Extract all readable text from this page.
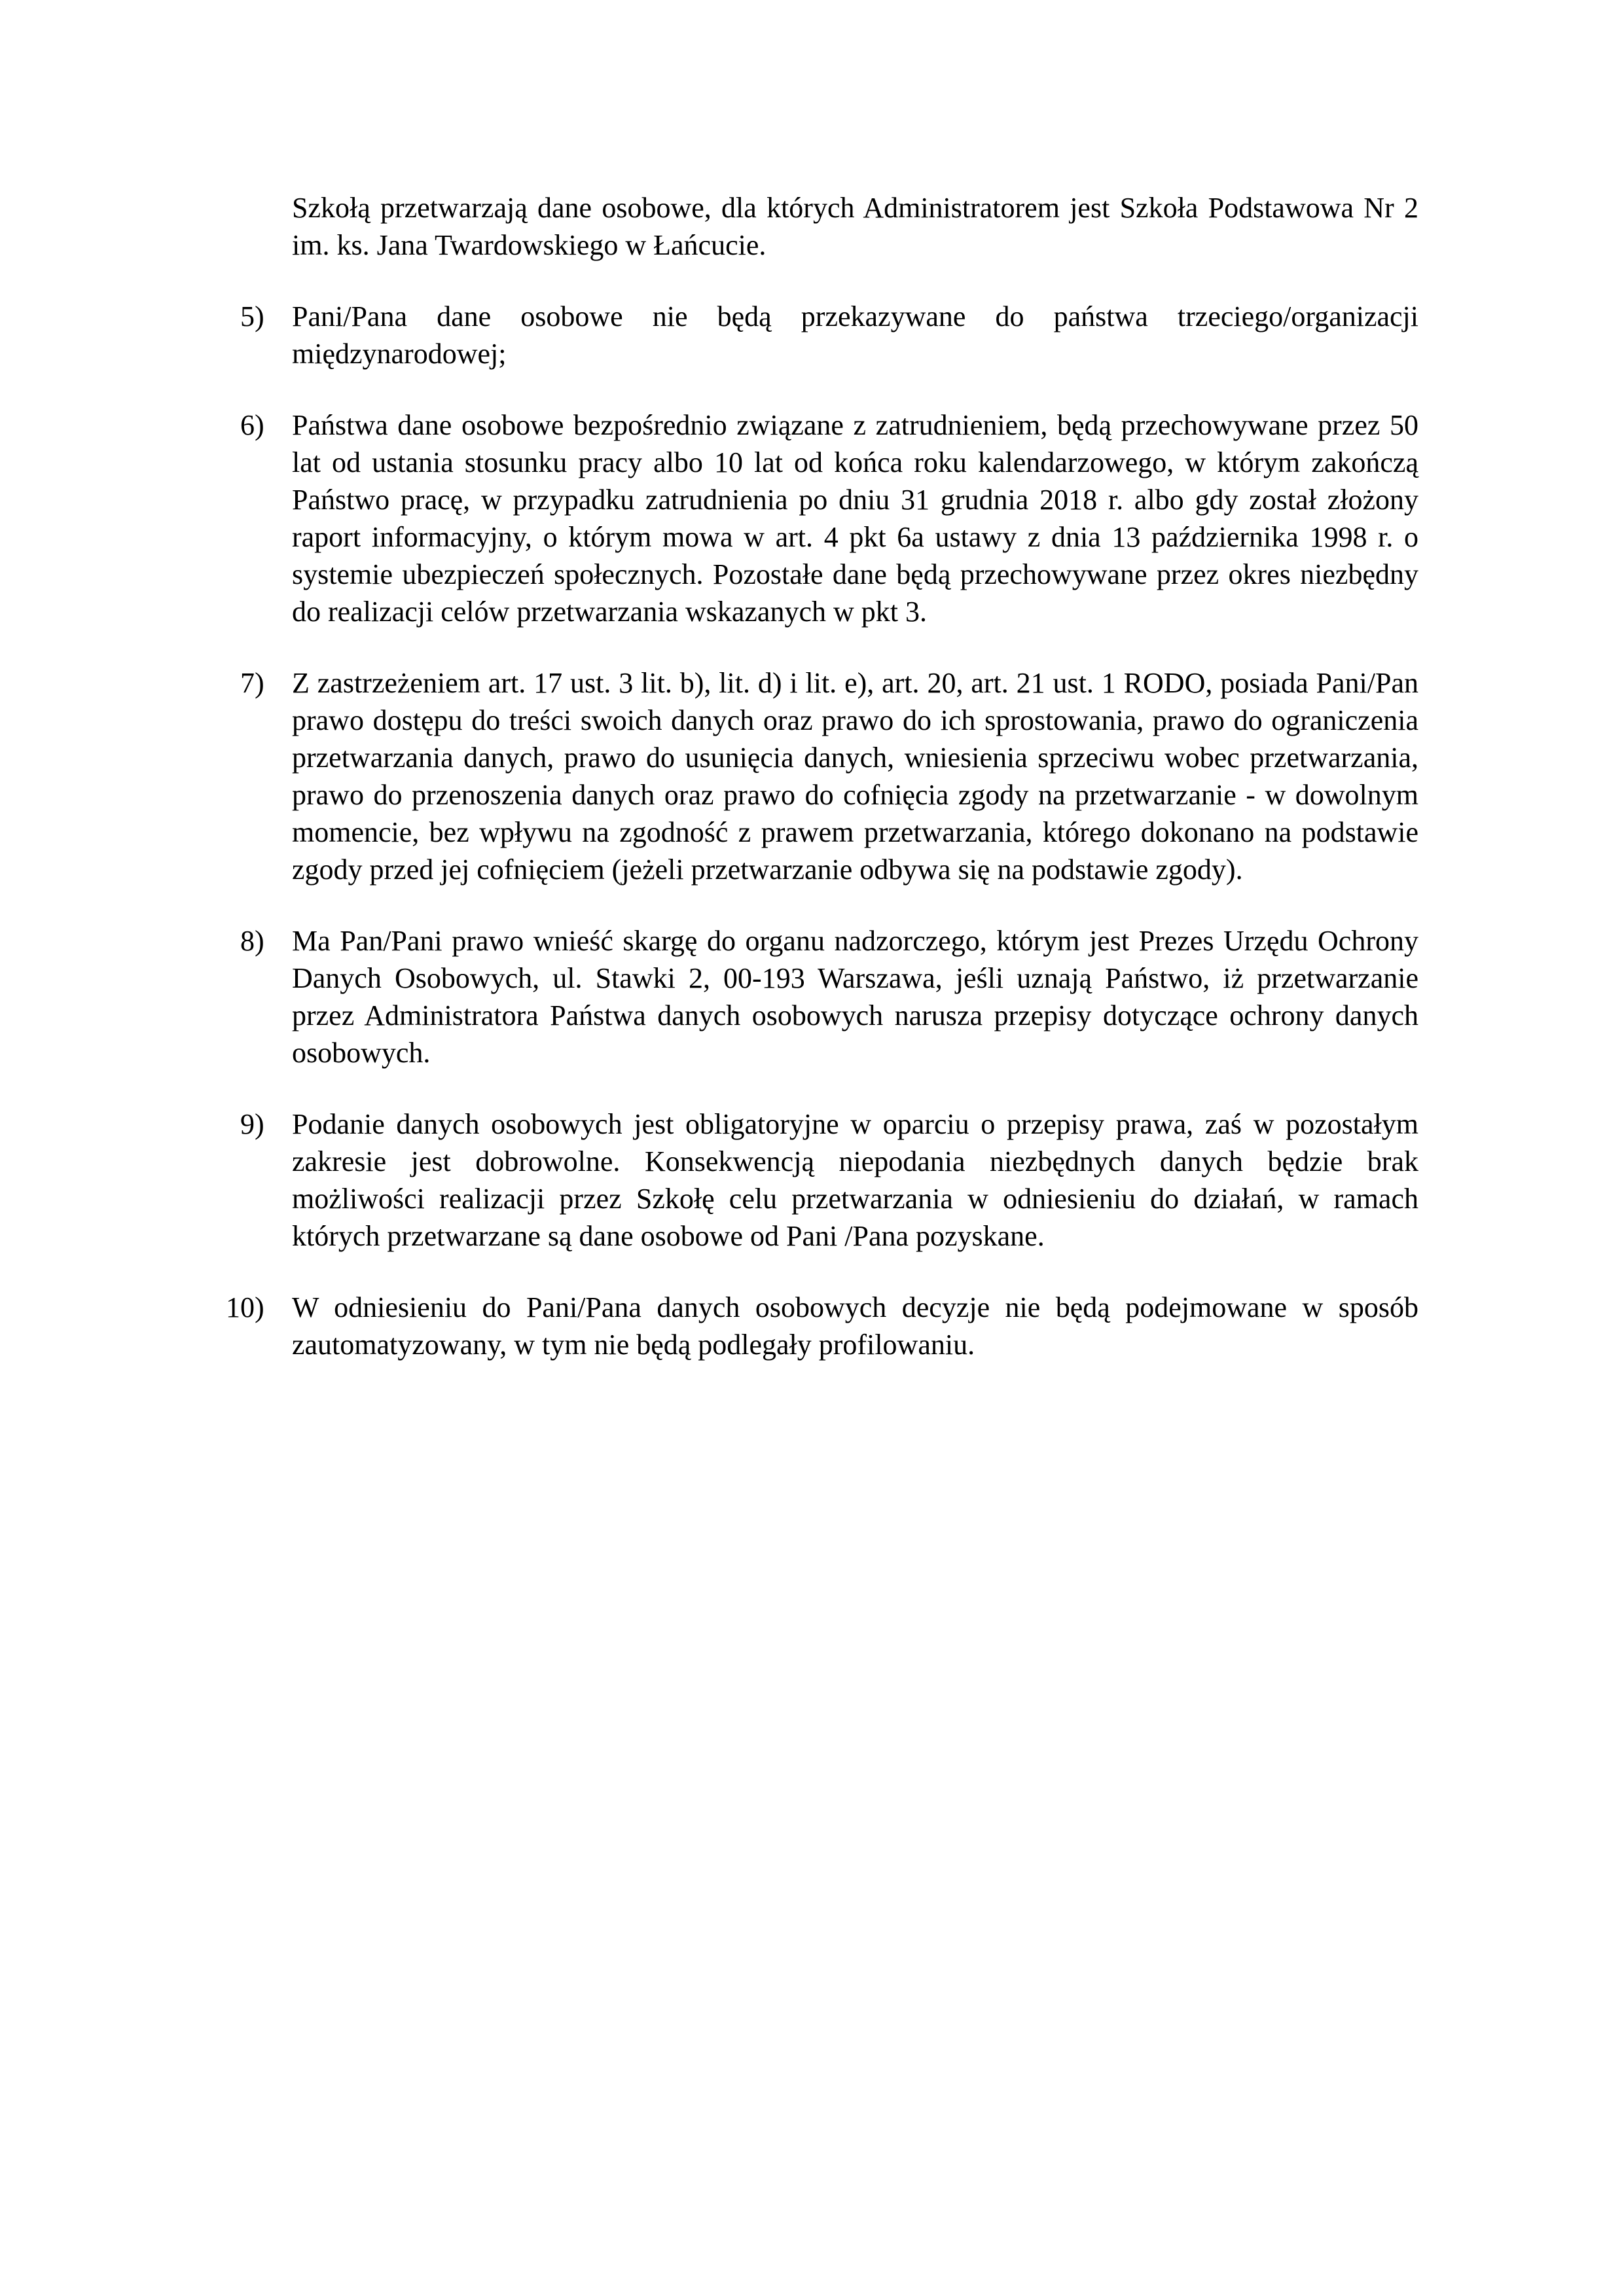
Szkołą przetwarzają dane osobowe, dla których Administratorem jest Szkoła Podstawowa Nr 2 im. ks. Jana Twardowskiego w Łańcucie.

5) Pani/Pana dane osobowe nie będą przekazywane do państwa trzeciego/organizacji międzynarodowej;
6) Państwa dane osobowe bezpośrednio związane z zatrudnieniem, będą przechowywane przez 50 lat od ustania stosunku pracy albo 10 lat od końca roku kalendarzowego, w którym zakończą Państwo pracę, w przypadku zatrudnienia po dniu 31 grudnia 2018 r. albo gdy został złożony raport informacyjny, o którym mowa w art. 4 pkt 6a ustawy z dnia 13 października 1998 r. o systemie ubezpieczeń społecznych. Pozostałe dane będą przechowywane przez okres niezbędny do realizacji celów przetwarzania wskazanych w pkt 3.
7) Z zastrzeżeniem art. 17 ust. 3 lit. b), lit. d) i lit. e), art. 20, art. 21 ust. 1 RODO, posiada Pani/Pan prawo dostępu do treści swoich danych oraz prawo do ich sprostowania, prawo do ograniczenia przetwarzania danych, prawo do usunięcia danych, wniesienia sprzeciwu wobec przetwarzania, prawo do przenoszenia danych oraz prawo do cofnięcia zgody na przetwarzanie - w dowolnym momencie, bez wpływu na zgodność z prawem przetwarzania, którego dokonano na podstawie zgody przed jej cofnięciem (jeżeli przetwarzanie odbywa się na podstawie zgody).
8) Ma Pan/Pani prawo wnieść skargę do organu nadzorczego, którym jest Prezes Urzędu Ochrony Danych Osobowych, ul. Stawki 2, 00-193 Warszawa, jeśli uznają Państwo, iż przetwarzanie przez Administratora Państwa danych osobowych narusza przepisy dotyczące ochrony danych osobowych.
9) Podanie danych osobowych jest obligatoryjne w oparciu o przepisy prawa, zaś w pozostałym zakresie jest dobrowolne. Konsekwencją niepodania niezbędnych danych będzie brak możliwości realizacji przez Szkołę celu przetwarzania w odniesieniu do działań, w ramach których przetwarzane są dane osobowe od Pani /Pana pozyskane.
10) W odniesieniu do Pani/Pana danych osobowych decyzje nie będą podejmowane w sposób zautomatyzowany, w tym nie będą podlegały profilowaniu.
